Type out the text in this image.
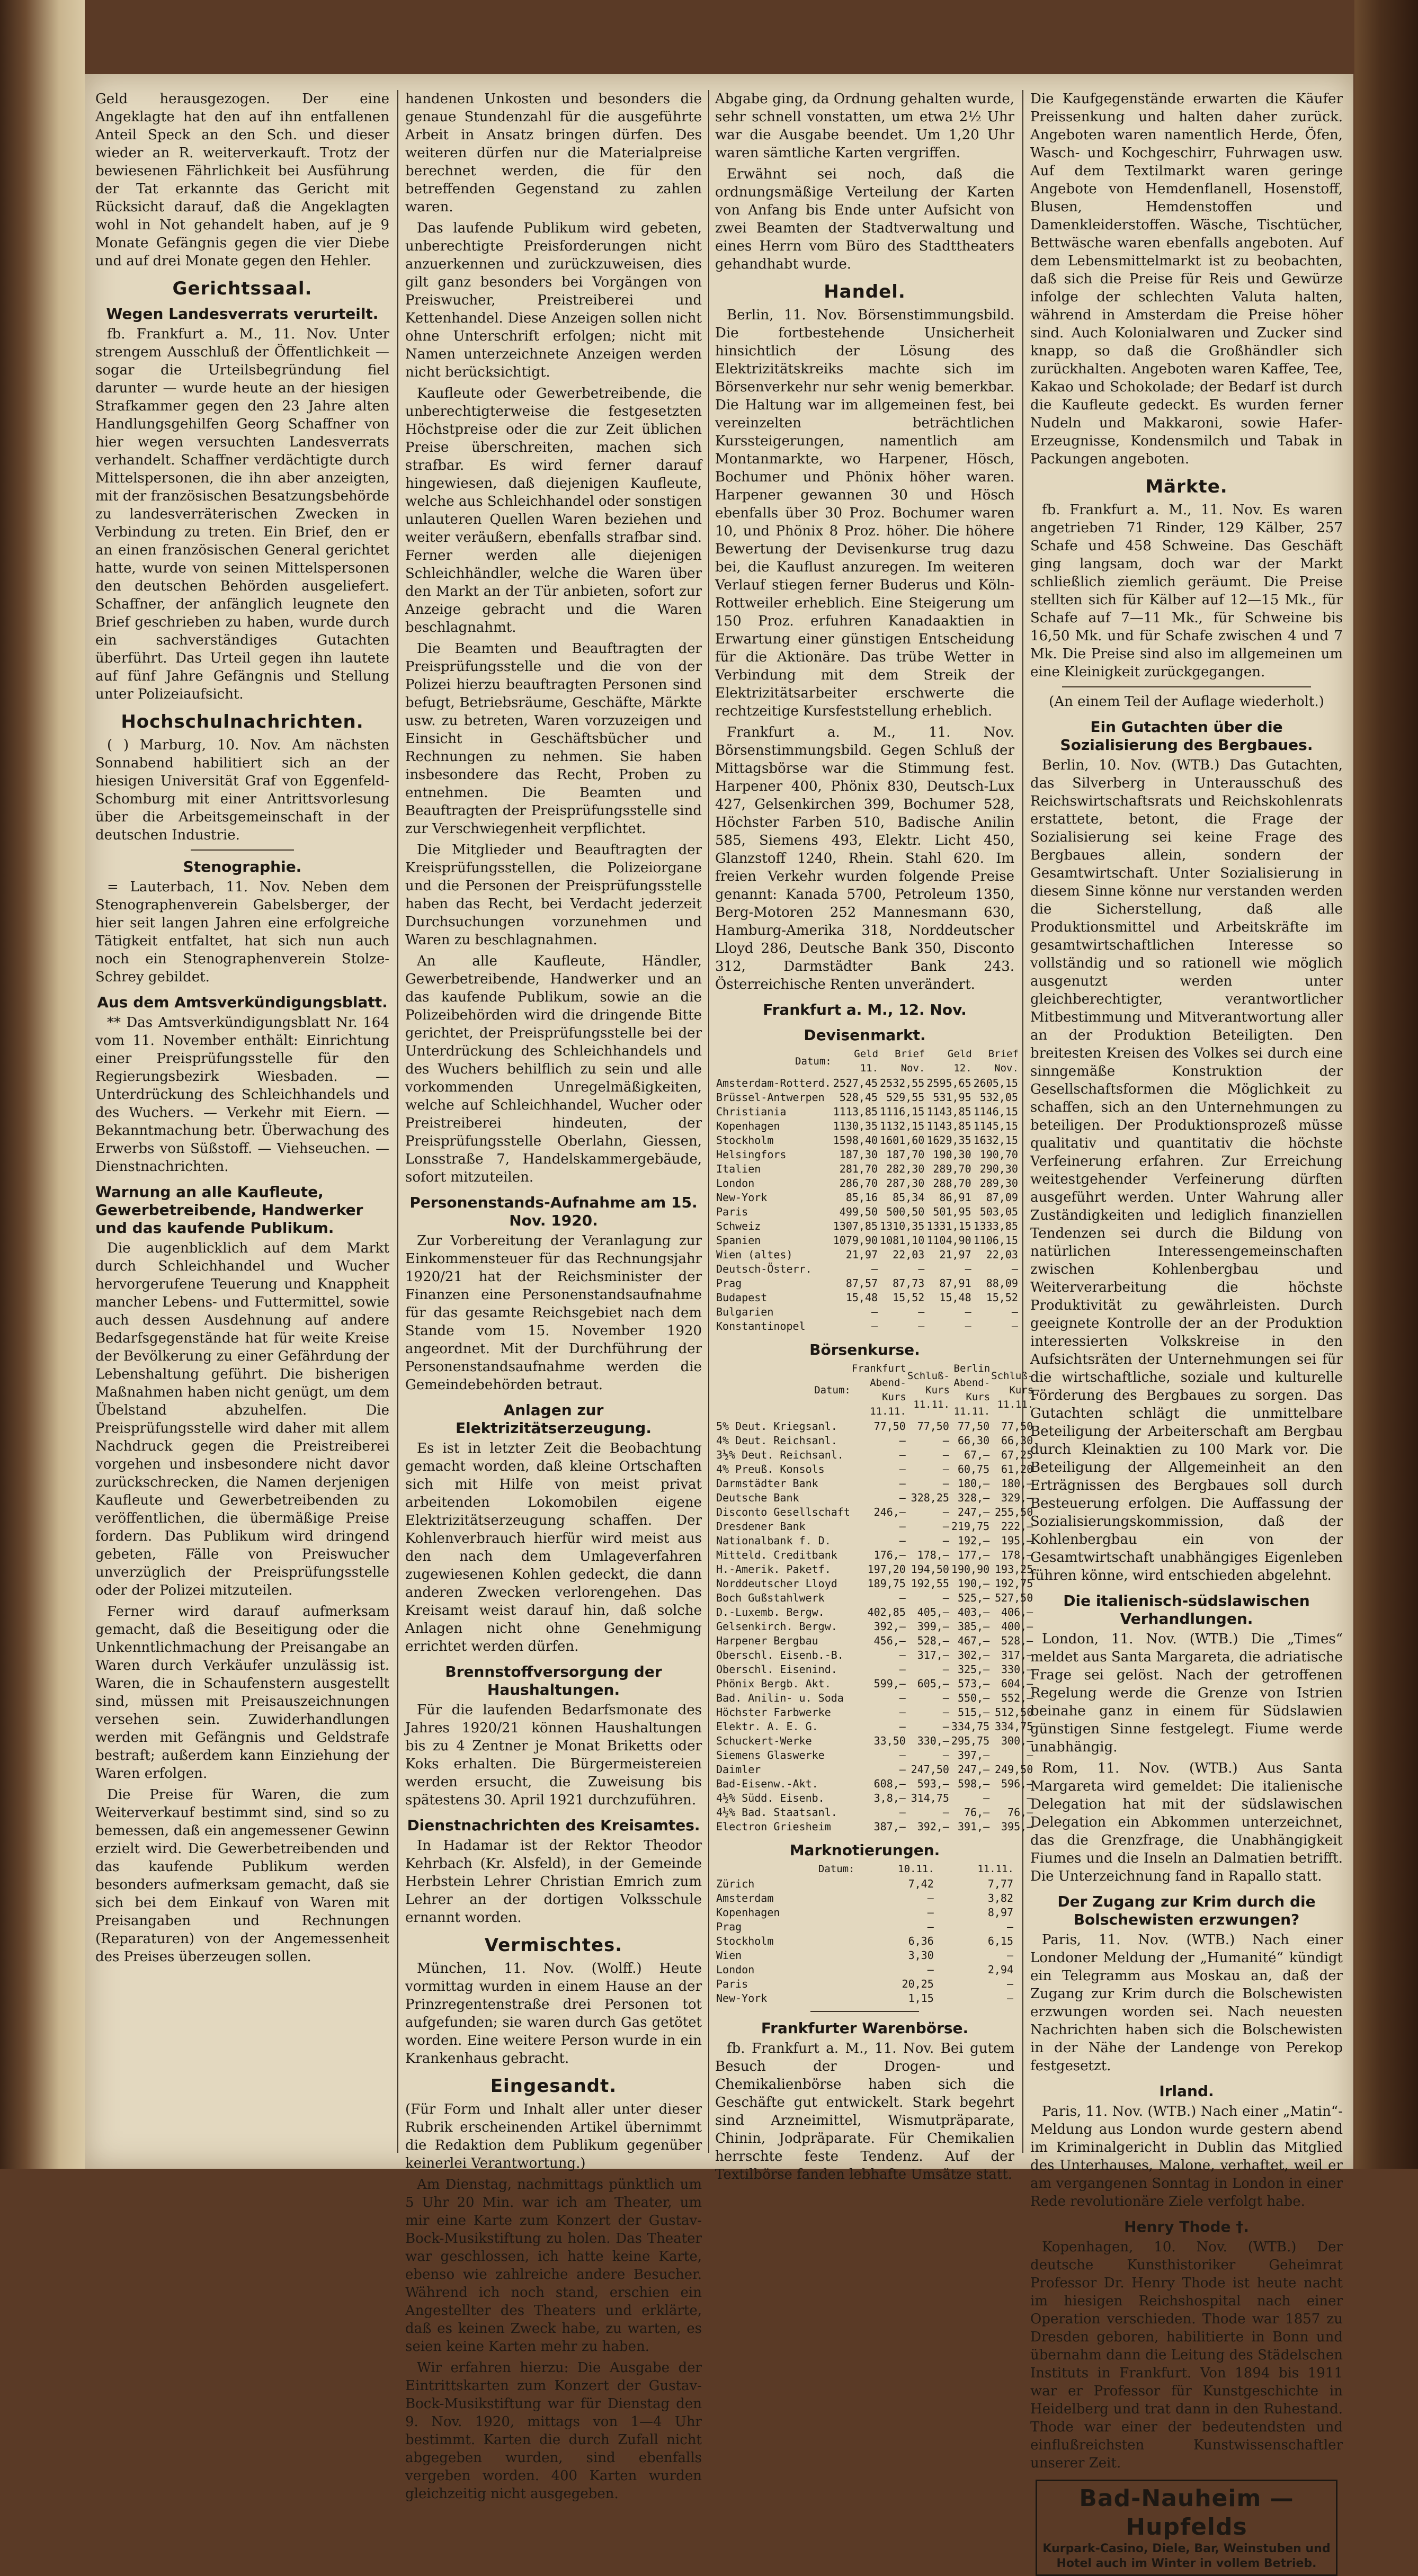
Geld herausgezogen. Der eine Angeklagte hat den auf ihn entfallenen Anteil Speck an den Sch. und dieser wieder an R. weiterverkauft. Trotz der bewiesenen Fährlichkeit bei Ausführung der Tat erkannte das Gericht mit Rücksicht darauf, daß die Angeklagten wohl in Not gehandelt haben, auf je 9 Monate Gefängnis gegen die vier Diebe und auf drei Monate gegen den Hehler.

Gerichtssaal.
Wegen Landesverrats verurteilt.

fb. Frankfurt a. M., 11. Nov. Unter strengem Ausschluß der Öffentlichkeit — sogar die Urteilsbegründung fiel darunter — wurde heute an der hiesigen Strafkammer gegen den 23 Jahre alten Handlungsgehilfen Georg Schaffner von hier wegen versuchten Landesverrats verhandelt. Schaffner verdächtigte durch Mittelspersonen, die ihn aber anzeigten, mit der französischen Besatzungsbehörde zu landesverräterischen Zwecken in Verbindung zu treten. Ein Brief, den er an einen französischen General gerichtet hatte, wurde von seinen Mittelspersonen den deutschen Behörden ausgeliefert. Schaffner, der anfänglich leugnete den Brief geschrieben zu haben, wurde durch ein sachverständiges Gutachten überführt. Das Urteil gegen ihn lautete auf fünf Jahre Gefängnis und Stellung unter Polizeiaufsicht.

Hochschulnachrichten.

( ) Marburg, 10. Nov. Am nächsten Sonnabend habilitiert sich an der hiesigen Universität Graf von Eggenfeld-Schomburg mit einer Antrittsvorlesung über die Arbeitsgemeinschaft in der deutschen Industrie.

Stenographie.

= Lauterbach, 11. Nov. Neben dem Stenographenverein Gabelsberger, der hier seit langen Jahren eine erfolgreiche Tätigkeit entfaltet, hat sich nun auch noch ein Stenographenverein Stolze-Schrey gebildet.

Aus dem Amtsverkündigungsblatt.

** Das Amtsverkündigungsblatt Nr. 164 vom 11. November enthält: Einrichtung einer Preisprüfungsstelle für den Regierungsbezirk Wiesbaden. — Unterdrückung des Schleichhandels und des Wuchers. — Verkehr mit Eiern. — Bekanntmachung betr. Überwachung des Erwerbs von Süßstoff. — Viehseuchen. — Dienstnachrichten.

Warnung an alle Kaufleute, Gewerbetreibende, Handwerker und das kaufende Publikum.

Die augenblicklich auf dem Markt durch Schleichhandel und Wucher hervorgerufene Teuerung und Knappheit mancher Lebens- und Futtermittel, sowie auch dessen Ausdehnung auf andere Bedarfsgegenstände hat für weite Kreise der Bevölkerung zu einer Gefährdung der Lebenshaltung geführt. Die bisherigen Maßnahmen haben nicht genügt, um dem Übelstand abzuhelfen. Die Preisprüfungsstelle wird daher mit allem Nachdruck gegen die Preistreiberei vorgehen und insbesondere nicht davor zurückschrecken, die Namen derjenigen Kaufleute und Gewerbetreibenden zu veröffentlichen, die übermäßige Preise fordern. Das Publikum wird dringend gebeten, Fälle von Preiswucher unverzüglich der Preisprüfungsstelle oder der Polizei mitzuteilen.

Ferner wird darauf aufmerksam gemacht, daß die Beseitigung oder die Unkenntlichmachung der Preisangabe an Waren durch Verkäufer unzulässig ist. Waren, die in Schaufenstern ausgestellt sind, müssen mit Preisauszeichnungen versehen sein. Zuwiderhandlungen werden mit Gefängnis und Geldstrafe bestraft; außerdem kann Einziehung der Waren erfolgen.

Die Preise für Waren, die zum Weiterverkauf bestimmt sind, sind so zu bemessen, daß ein angemessener Gewinn erzielt wird. Die Gewerbetreibenden und das kaufende Publikum werden besonders aufmerksam gemacht, daß sie sich bei dem Einkauf von Waren mit Preisangaben und Rechnungen (Reparaturen) von der Angemessenheit des Preises überzeugen sollen.

handenen Unkosten und besonders die genaue Stundenzahl für die ausgeführte Arbeit in Ansatz bringen dürfen. Des weiteren dürfen nur die Materialpreise berechnet werden, die für den betreffenden Gegenstand zu zahlen waren.

Das laufende Publikum wird gebeten, unberechtigte Preisforderungen nicht anzuerkennen und zurückzuweisen, dies gilt ganz besonders bei Vorgängen von Preiswucher, Preistreiberei und Kettenhandel. Diese Anzeigen sollen nicht ohne Unterschrift erfolgen; nicht mit Namen unterzeichnete Anzeigen werden nicht berücksichtigt.

Kaufleute oder Gewerbetreibende, die unberechtigterweise die festgesetzten Höchstpreise oder die zur Zeit üblichen Preise überschreiten, machen sich strafbar. Es wird ferner darauf hingewiesen, daß diejenigen Kaufleute, welche aus Schleichhandel oder sonstigen unlauteren Quellen Waren beziehen und weiter veräußern, ebenfalls strafbar sind. Ferner werden alle diejenigen Schleichhändler, welche die Waren über den Markt an der Tür anbieten, sofort zur Anzeige gebracht und die Waren beschlagnahmt.

Die Beamten und Beauftragten der Preisprüfungsstelle und die von der Polizei hierzu beauftragten Personen sind befugt, Betriebsräume, Geschäfte, Märkte usw. zu betreten, Waren vorzuzeigen und Einsicht in Geschäftsbücher und Rechnungen zu nehmen. Sie haben insbesondere das Recht, Proben zu entnehmen. Die Beamten und Beauftragten der Preisprüfungsstelle sind zur Verschwiegenheit verpflichtet.

Die Mitglieder und Beauftragten der Kreisprüfungsstellen, die Polizeiorgane und die Personen der Preisprüfungsstelle haben das Recht, bei Verdacht jederzeit Durchsuchungen vorzunehmen und Waren zu beschlagnahmen.

An alle Kaufleute, Händler, Gewerbetreibende, Handwerker und an das kaufende Publikum, sowie an die Polizeibehörden wird die dringende Bitte gerichtet, der Preisprüfungsstelle bei der Unterdrückung des Schleichhandels und des Wuchers behilflich zu sein und alle vorkommenden Unregelmäßigkeiten, welche auf Schleichhandel, Wucher oder Preistreiberei hindeuten, der Preisprüfungsstelle Oberlahn, Giessen, Lonsstraße 7, Handelskammergebäude, sofort mitzuteilen.

Personenstands-Aufnahme am 15. Nov. 1920.

Zur Vorbereitung der Veranlagung zur Einkommensteuer für das Rechnungsjahr 1920/21 hat der Reichsminister der Finanzen eine Personenstandsaufnahme für das gesamte Reichsgebiet nach dem Stande vom 15. November 1920 angeordnet. Mit der Durchführung der Personenstandsaufnahme werden die Gemeindebehörden betraut.

Anlagen zur Elektrizitätserzeugung.

Es ist in letzter Zeit die Beobachtung gemacht worden, daß kleine Ortschaften sich mit Hilfe von meist privat arbeitenden Lokomobilen eigene Elektrizitätserzeugung schaffen. Der Kohlenverbrauch hierfür wird meist aus den nach dem Umlageverfahren zugewiesenen Kohlen gedeckt, die dann anderen Zwecken verlorengehen. Das Kreisamt weist darauf hin, daß solche Anlagen nicht ohne Genehmigung errichtet werden dürfen.

Brennstoffversorgung der Haushaltungen.

Für die laufenden Bedarfsmonate des Jahres 1920/21 können Haushaltungen bis zu 4 Zentner je Monat Briketts oder Koks erhalten. Die Bürgermeistereien werden ersucht, die Zuweisung bis spätestens 30. April 1921 durchzuführen.

Dienstnachrichten des Kreisamtes.

In Hadamar ist der Rektor Theodor Kehrbach (Kr. Alsfeld), in der Gemeinde Herbstein Lehrer Christian Emrich zum Lehrer an der dortigen Volksschule ernannt worden.

Vermischtes.

München, 11. Nov. (Wolff.) Heute vormittag wurden in einem Hause an der Prinzregentenstraße drei Personen tot aufgefunden; sie waren durch Gas getötet worden. Eine weitere Person wurde in ein Krankenhaus gebracht.

Eingesandt.

(Für Form und Inhalt aller unter dieser Rubrik erscheinenden Artikel übernimmt die Redaktion dem Publikum gegenüber keinerlei Verantwortung.)

Am Dienstag, nachmittags pünktlich um 5 Uhr 20 Min. war ich am Theater, um mir eine Karte zum Konzert der Gustav-Bock-Musikstiftung zu holen. Das Theater war geschlossen, ich hatte keine Karte, ebenso wie zahlreiche andere Besucher. Während ich noch stand, erschien ein Angestellter des Theaters und erklärte, daß es keinen Zweck habe, zu warten, es seien keine Karten mehr zu haben.

Wir erfahren hierzu: Die Ausgabe der Eintrittskarten zum Konzert der Gustav-Bock-Musikstiftung war für Dienstag den 9. Nov. 1920, mittags von 1—4 Uhr bestimmt. Karten die durch Zufall nicht abgegeben wurden, sind ebenfalls vergeben worden. 400 Karten wurden gleichzeitig nicht ausgegeben.

Abgabe ging, da Ordnung gehalten wurde, sehr schnell vonstatten, um etwa 2½ Uhr war die Ausgabe beendet. Um 1,20 Uhr waren sämtliche Karten vergriffen.

Erwähnt sei noch, daß die ordnungsmäßige Verteilung der Karten von Anfang bis Ende unter Aufsicht von zwei Beamten der Stadtverwaltung und eines Herrn vom Büro des Stadttheaters gehandhabt wurde.

Handel.

Berlin, 11. Nov. Börsenstimmungsbild. Die fortbestehende Unsicherheit hinsichtlich der Lösung des Elektrizitätskreiks machte sich im Börsenverkehr nur sehr wenig bemerkbar. Die Haltung war im allgemeinen fest, bei vereinzelten beträchtlichen Kurssteigerungen, namentlich am Montanmarkte, wo Harpener, Hösch, Bochumer und Phönix höher waren. Harpener gewannen 30 und Hösch ebenfalls über 30 Proz. Bochumer waren 10, und Phönix 8 Proz. höher. Die höhere Bewertung der Devisenkurse trug dazu bei, die Kauflust anzuregen. Im weiteren Verlauf stiegen ferner Buderus und Köln-Rottweiler erheblich. Eine Steigerung um 150 Proz. erfuhren Kanadaaktien in Erwartung einer günstigen Entscheidung für die Aktionäre. Das trübe Wetter in Verbindung mit dem Streik der Elektrizitätsarbeiter erschwerte die rechtzeitige Kursfeststellung erheblich.

Frankfurt a. M., 11. Nov. Börsenstimmungsbild. Gegen Schluß der Mittagsbörse war die Stimmung fest. Harpener 400, Phönix 830, Deutsch-Lux 427, Gelsenkirchen 399, Bochumer 528, Höchster Farben 510, Badische Anilin 585, Siemens 493, Elektr. Licht 450, Glanzstoff 1240, Rhein. Stahl 620. Im freien Verkehr wurden folgende Preise genannt: Kanada 5700, Petroleum 1350, Berg-Motoren 252 Mannesmann 630, Hamburg-Amerika 318, Norddeutscher Lloyd 286, Deutsche Bank 350, Disconto 312, Darmstädter Bank 243. Österreichische Renten unverändert.

Frankfurt a. M., 12. Nov.
Devisenmarkt.
Datum:	Geld 11.	Brief Nov.	Geld 12.	Brief Nov.
Amsterdam-Rotterd.	2527,45	2532,55	2595,65	2605,15
Brüssel-Antwerpen	528,45	529,55	531,95	532,05
Christiania	1113,85	1116,15	1143,85	1146,15
Kopenhagen	1130,35	1132,15	1143,85	1145,15
Stockholm	1598,40	1601,60	1629,35	1632,15
Helsingfors	187,30	187,70	190,30	190,70
Italien	281,70	282,30	289,70	290,30
London	286,70	287,30	288,70	289,30
New-York	85,16	85,34	86,91	87,09
Paris	499,50	500,50	501,95	503,05
Schweiz	1307,85	1310,35	1331,15	1333,85
Spanien	1079,90	1081,10	1104,90	1106,15
Wien (altes)	21,97	22,03	21,97	22,03
Deutsch-Österr.	—	—	—	—
Prag	87,57	87,73	87,91	88,09
Budapest	15,48	15,52	15,48	15,52
Bulgarien	—	—	—	—
Konstantinopel	—	—	—	—
Börsenkurse.
Datum:	Frankfurt Abend-Kurs 11.11.	Schluß-Kurs 11.11.	Berlin Abend-Kurs 11.11.	Schluß-Kurs 11.11.
5% Deut. Kriegsanl.	77,50	77,50	77,50	77,50
4% Deut. Reichsanl.	—	—	66,30	66,30
3½% Deut. Reichsanl.	—	—	67,—	67,25
4% Preuß. Konsols	—	—	60,75	61,20
Darmstädter Bank	—	—	180,—	180,—
Deutsche Bank	—	328,25	328,—	329,—
Disconto Gesellschaft	246,—	—	247,—	255,50
Dresdener Bank	—	—	219,75	222,—
Nationalbank f. D.	—	—	192,—	195,—
Mitteld. Creditbank	176,—	178,—	177,—	178,—
H.-Amerik. Paketf.	197,20	194,50	190,90	193,25
Norddeutscher Lloyd	189,75	192,55	190,—	192,75
Boch Gußstahlwerk	—	—	525,—	527,50
D.-Luxemb. Bergw.	402,85	405,—	403,—	406,—
Gelsenkirch. Bergw.	392,—	399,—	385,—	400,—
Harpener Bergbau	456,—	528,—	467,—	528,—
Oberschl. Eisenb.-B.	—	317,—	302,—	317,—
Oberschl. Eisenind.	—	—	325,—	330,—
Phönix Bergb. Akt.	599,—	605,—	573,—	604,—
Bad. Anilin- u. Soda	—	—	550,—	552,—
Höchster Farbwerke	—	—	515,—	512,50
Elektr. A. E. G.	—	—	334,75	334,75
Schuckert-Werke	33,50	330,—	295,75	300,—
Siemens Glaswerke	—	—	397,—	—
Daimler	—	247,50	247,—	249,50
Bad-Eisenw.-Akt.	608,—	593,—	598,—	596,—
4½% Südd. Eisenb.	3,8,—	314,75	—	—
4½% Bad. Staatsanl.	—	—	76,—	76,—
Electron Griesheim	387,—	392,—	391,—	395,—
Marknotierungen.
Datum:	10.11.	11.11.
Zürich	7,42	7,77
Amsterdam	—	3,82
Kopenhagen	—	8,97
Prag	—	—
Stockholm	6,36	6,15
Wien	3,30	—
London	—	2,94
Paris	20,25	—
New-York	1,15	—
Frankfurter Warenbörse.

fb. Frankfurt a. M., 11. Nov. Bei gutem Besuch der Drogen- und Chemikalienbörse haben sich die Geschäfte gut entwickelt. Stark begehrt sind Arzneimittel, Wismutpräparate, Chinin, Jodpräparate. Für Chemikalien herrschte feste Tendenz. Auf der Textilbörse fanden lebhafte Umsätze statt.

Die Kaufgegenstände erwarten die Käufer Preissenkung und halten daher zurück. Angeboten waren namentlich Herde, Öfen, Wasch- und Kochgeschirr, Fuhrwagen usw. Auf dem Textilmarkt waren geringe Angebote von Hemdenflanell, Hosenstoff, Blusen, Hemdenstoffen und Damenkleiderstoffen. Wäsche, Tischtücher, Bettwäsche waren ebenfalls angeboten. Auf dem Lebensmittelmarkt ist zu beobachten, daß sich die Preise für Reis und Gewürze infolge der schlechten Valuta halten, während in Amsterdam die Preise höher sind. Auch Kolonialwaren und Zucker sind knapp, so daß die Großhändler sich zurückhalten. Angeboten waren Kaffee, Tee, Kakao und Schokolade; der Bedarf ist durch die Kaufleute gedeckt. Es wurden ferner Nudeln und Makkaroni, sowie Hafer-Erzeugnisse, Kondensmilch und Tabak in Packungen angeboten.

Märkte.

fb. Frankfurt a. M., 11. Nov. Es waren angetrieben 71 Rinder, 129 Kälber, 257 Schafe und 458 Schweine. Das Geschäft ging langsam, doch war der Markt schließlich ziemlich geräumt. Die Preise stellten sich für Kälber auf 12—15 Mk., für Schafe auf 7—11 Mk., für Schweine bis 16,50 Mk. und für Schafe zwischen 4 und 7 Mk. Die Preise sind also im allgemeinen um eine Kleinigkeit zurückgegangen.

(An einem Teil der Auflage wiederholt.)

Ein Gutachten über die Sozialisierung des Bergbaues.

Berlin, 10. Nov. (WTB.) Das Gutachten, das Silverberg in Unterausschuß des Reichswirtschaftsrats und Reichskohlenrats erstattete, betont, die Frage der Sozialisierung sei keine Frage des Bergbaues allein, sondern der Gesamtwirtschaft. Unter Sozialisierung in diesem Sinne könne nur verstanden werden die Sicherstellung, daß alle Produktionsmittel und Arbeitskräfte im gesamtwirtschaftlichen Interesse so vollständig und so rationell wie möglich ausgenutzt werden unter gleichberechtigter, verantwortlicher Mitbestimmung und Mitverantwortung aller an der Produktion Beteiligten. Den breitesten Kreisen des Volkes sei durch eine sinngemäße Konstruktion der Gesellschaftsformen die Möglichkeit zu schaffen, sich an den Unternehmungen zu beteiligen. Der Produktionsprozeß müsse qualitativ und quantitativ die höchste Verfeinerung erfahren. Zur Erreichung weitestgehender Verfeinerung dürften ausgeführt werden. Unter Wahrung aller Zuständigkeiten und lediglich finanziellen Tendenzen sei durch die Bildung von natürlichen Interessengemeinschaften zwischen Kohlenbergbau und Weiterverarbeitung die höchste Produktivität zu gewährleisten. Durch geeignete Kontrolle der an der Produktion interessierten Volkskreise in den Aufsichtsräten der Unternehmungen sei für die wirtschaftliche, soziale und kulturelle Förderung des Bergbaues zu sorgen. Das Gutachten schlägt die unmittelbare Beteiligung der Arbeiterschaft am Bergbau durch Kleinaktien zu 100 Mark vor. Die Beteiligung der Allgemeinheit an den Erträgnissen des Bergbaues soll durch Besteuerung erfolgen. Die Auffassung der Sozialisierungskommission, daß der Kohlenbergbau ein von der Gesamtwirtschaft unabhängiges Eigenleben führen könne, wird entschieden abgelehnt.

Die italienisch-südslawischen Verhandlungen.

London, 11. Nov. (WTB.) Die „Times“ meldet aus Santa Margareta, die adriatische Frage sei gelöst. Nach der getroffenen Regelung werde die Grenze von Istrien beinahe ganz in einem für Südslawien günstigen Sinne festgelegt. Fiume werde unabhängig.

Rom, 11. Nov. (WTB.) Aus Santa Margareta wird gemeldet: Die italienische Delegation hat mit der südslawischen Delegation ein Abkommen unterzeichnet, das die Grenzfrage, die Unabhängigkeit Fiumes und die Inseln an Dalmatien betrifft. Die Unterzeichnung fand in Rapallo statt.

Der Zugang zur Krim durch die Bolschewisten erzwungen?

Paris, 11. Nov. (WTB.) Nach einer Londoner Meldung der „Humanité“ kündigt ein Telegramm aus Moskau an, daß der Zugang zur Krim durch die Bolschewisten erzwungen worden sei. Nach neuesten Nachrichten haben sich die Bolschewisten in der Nähe der Landenge von Perekop festgesetzt.

Irland.

Paris, 11. Nov. (WTB.) Nach einer „Matin“-Meldung aus London wurde gestern abend im Kriminalgericht in Dublin das Mitglied des Unterhauses, Malone, verhaftet, weil er am vergangenen Sonntag in London in einer Rede revolutionäre Ziele verfolgt habe.

Henry Thode †.

Kopenhagen, 10. Nov. (WTB.) Der deutsche Kunsthistoriker Geheimrat Professor Dr. Henry Thode ist heute nacht im hiesigen Reichshospital nach einer Operation verschieden. Thode war 1857 zu Dresden geboren, habilitierte in Bonn und übernahm dann die Leitung des Städelschen Instituts in Frankfurt. Von 1894 bis 1911 war er Professor für Kunstgeschichte in Heidelberg und trat dann in den Ruhestand. Thode war einer der bedeutendsten und einflußreichsten Kunstwissenschaftler unserer Zeit.

Bad-Nauheim — Hupfelds
Kurpark-Casino, Diele, Bar, Weinstuben und
Hotel auch im Winter in vollem Betrieb.
